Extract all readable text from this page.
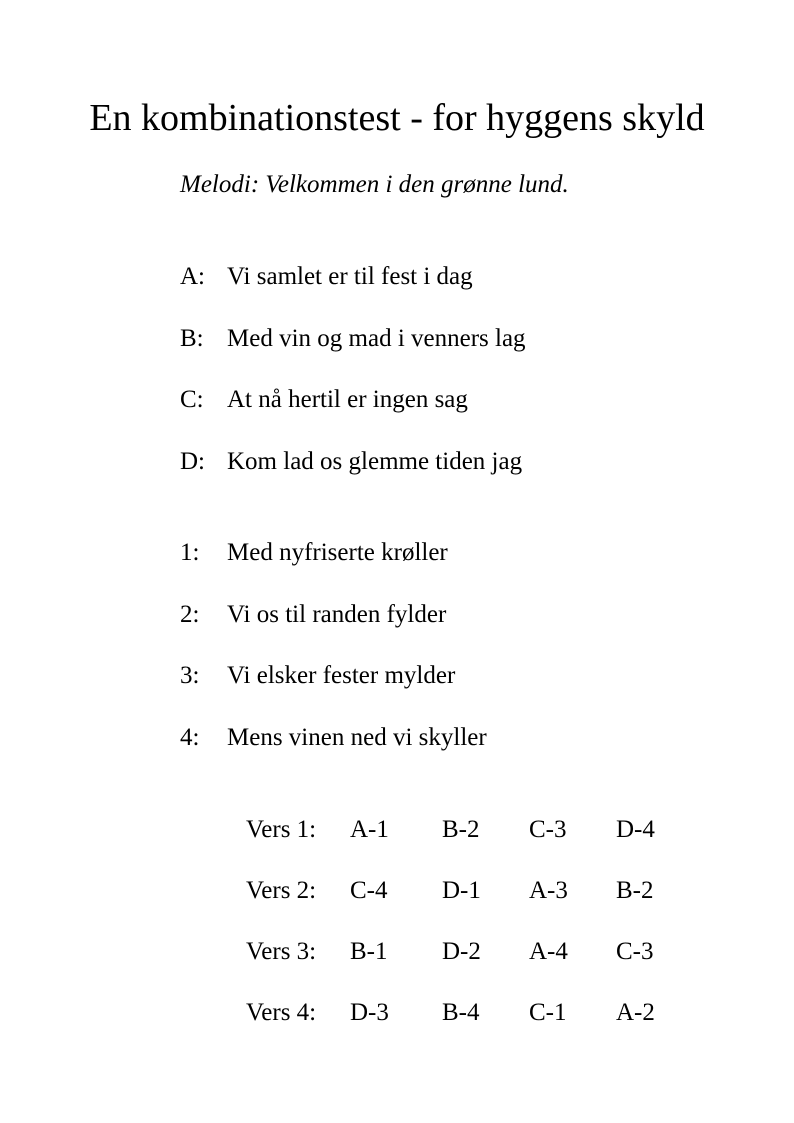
En kombinationstest - for hyggens skyld
Melodi: Velkommen i den grønne lund.
A: Vi samlet er til fest i dag
B: Med vin og mad i venners lag
C: At nå hertil er ingen sag
D: Kom lad os glemme tiden jag
1: Med nyfriserte krøller
2: Vi os til randen fylder
3: Vi elsker fester mylder
4: Mens vinen ned vi skyller
Vers 1: A-1 B-2 C-3 D-4
Vers 2: C-4 D-1 A-3 B-2
Vers 3: B-1 D-2 A-4 C-3
Vers 4: D-3 B-4 C-1 A-2
